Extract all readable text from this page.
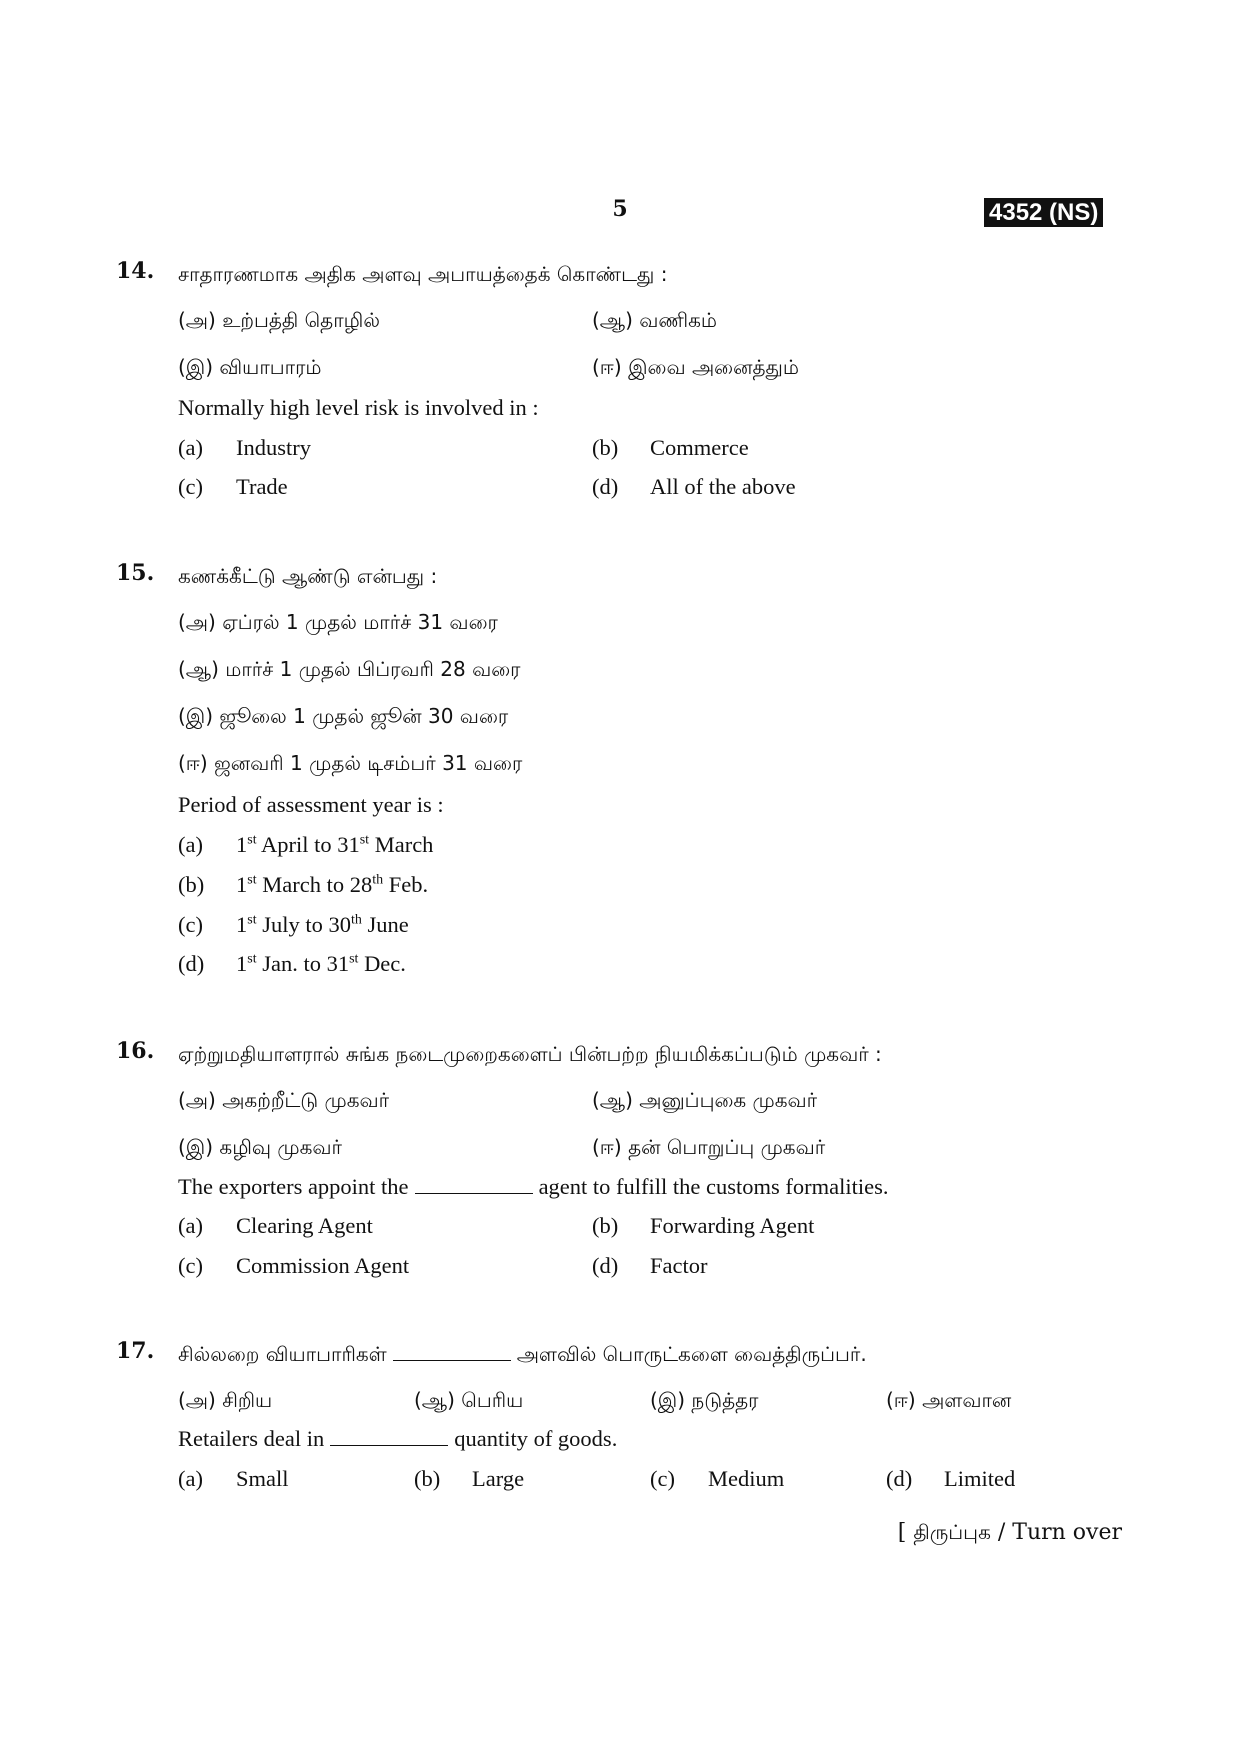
5	4352 (NS)
14. சாதாரணமாக அதிக அளவு அபாயத்தைக் கொண்டது :
(அ) உற்பத்தி தொழில்	(ஆ) வணிகம்
(இ) வியாபாரம்	(ஈ) இவை அனைத்தும்
Normally high level risk is involved in :
(a) Industry	(b) Commerce
(c) Trade	(d) All of the above
15. கணக்கீட்டு ஆண்டு என்பது :
(அ) ஏப்ரல் 1 முதல் மார்ச் 31 வரை
(ஆ) மார்ச் 1 முதல் பிப்ரவரி 28 வரை
(இ) ஜூலை 1 முதல் ஜூன் 30 வரை
(ஈ) ஜனவரி 1 முதல் டிசம்பர் 31 வரை
Period of assessment year is :
(a) 1st April to 31st March
(b) 1st March to 28th Feb.
(c) 1st July to 30th June
(d) 1st Jan. to 31st Dec.
16. ஏற்றுமதியாளரால் சுங்க நடைமுறைகளைப் பின்பற்ற நியமிக்கப்படும் முகவர் :
(அ) அகற்றீட்டு முகவர்	(ஆ) அனுப்புகை முகவர்
(இ) கழிவு முகவர்	(ஈ) தன் பொறுப்பு முகவர்
The exporters appoint the	agent to fulfill the customs formalities.
(a) Clearing Agent	(b) Forwarding Agent
(c) Commission Agent	(d) Factor
17. சில்லறை வியாபாரிகள்	அளவில் பொருட்களை வைத்திருப்பர்.
(அ) சிறிய	(ஆ) பெரிய	(இ) நடுத்தர	(ஈ) அளவான
Retailers deal in	quantity of goods.
(a) Small	(b) Large	(c) Medium	(d) Limited
[ திருப்புக / Turn over
